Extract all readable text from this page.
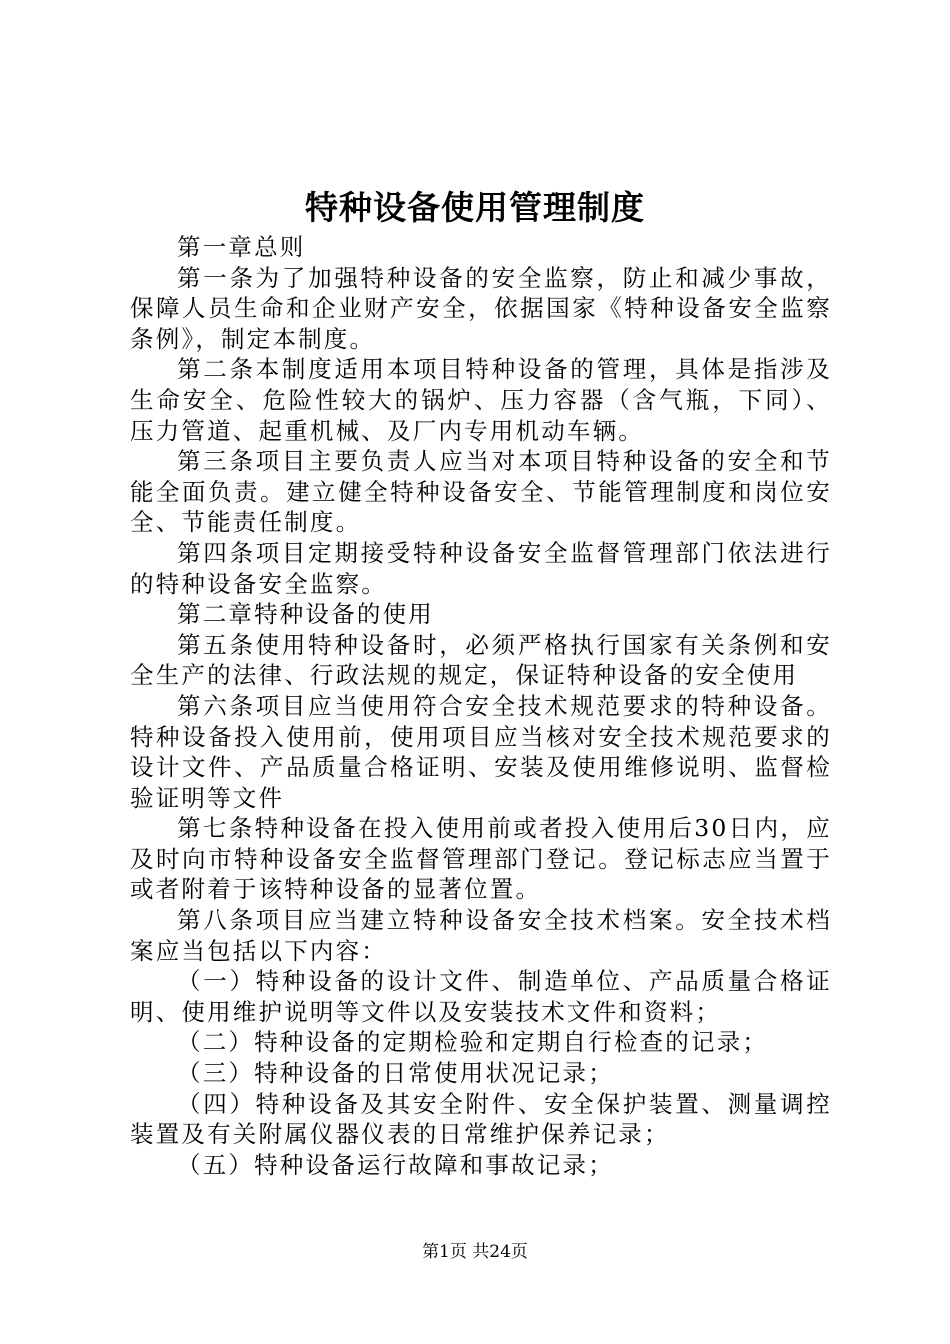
特种设备使用管理制度

第一章总则

第一条为了加强特种设备的安全监察，防止和减少事故，保障人员生命和企业财产安全，依据国家《特种设备安全监察条例》，制定本制度。

第二条本制度适用本项目特种设备的管理，具体是指涉及生命安全、危险性较大的锅炉、压力容器（含气瓶，下同）、压力管道、起重机械、及厂内专用机动车辆。

第三条项目主要负责人应当对本项目特种设备的安全和节能全面负责。建立健全特种设备安全、节能管理制度和岗位安全、节能责任制度。

第四条项目定期接受特种设备安全监督管理部门依法进行的特种设备安全监察。

第二章特种设备的使用

第五条使用特种设备时，必须严格执行国家有关条例和安全生产的法律、行政法规的规定，保证特种设备的安全使用

第六条项目应当使用符合安全技术规范要求的特种设备。特种设备投入使用前，使用项目应当核对安全技术规范要求的设计文件、产品质量合格证明、安装及使用维修说明、监督检验证明等文件

第七条特种设备在投入使用前或者投入使用后30日内，应及时向市特种设备安全监督管理部门登记。登记标志应当置于或者附着于该特种设备的显著位置。

第八条项目应当建立特种设备安全技术档案。安全技术档案应当包括以下内容：

（一）特种设备的设计文件、制造单位、产品质量合格证明、使用维护说明等文件以及安装技术文件和资料；

（二）特种设备的定期检验和定期自行检查的记录；

（三）特种设备的日常使用状况记录；

（四）特种设备及其安全附件、安全保护装置、测量调控装置及有关附属仪器仪表的日常维护保养记录；

（五）特种设备运行故障和事故记录；

第1页 共24页
